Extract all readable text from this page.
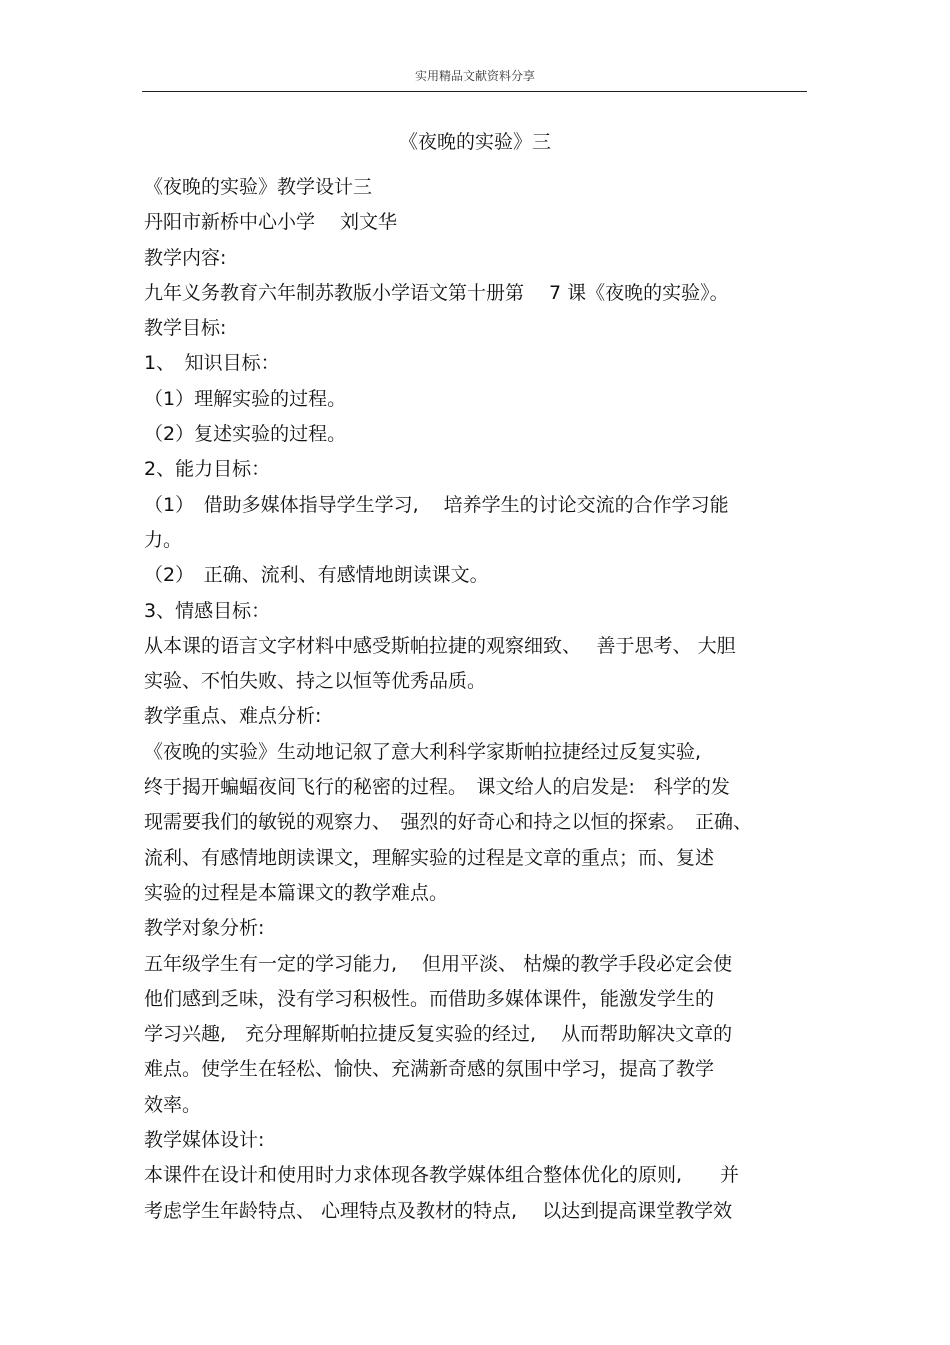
实用精品文献资料分享
《夜晚的实验》三
《夜晚的实验》教学设计三
丹阳市新桥中心小学　 刘文华
教学内容:
九年义务教育六年制苏教版小学语文第十册第　 7 课《夜晚的实验》。
教学目标:
1、　知识目标：
（1）理解实验的过程。
（2）复述实验的过程。
2、能力目标：
（1）　借助多媒体指导学生学习,　 培养学生的讨论交流的合作学习能
力。
（2）　正确、流利、有感情地朗读课文。
3、情感目标：
从本课的语言文字材料中感受斯帕拉捷的观察细致、　 善于思考、 大胆
实验、不怕失败、持之以恒等优秀品质。
教学重点、难点分析:
《夜晚的实验》生动地记叙了意大利科学家斯帕拉捷经过反复实验,
终于揭开蝙蝠夜间飞行的秘密的过程。　课文给人的启发是:　科学的发
现需要我们的敏锐的观察力、　强烈的好奇心和持之以恒的探索。　正确、
流利、有感情地朗读课文，理解实验的过程是文章的重点；而、复述
实验的过程是本篇课文的教学难点。
教学对象分析:
五年级学生有一定的学习能力,　 但用平淡、 枯燥的教学手段必定会使
他们感到乏味，没有学习积极性。而借助多媒体课件，能激发学生的
学习兴趣,　充分理解斯帕拉捷反复实验的经过,　 从而帮助解决文章的
难点。使学生在轻松、愉快、充满新奇感的氛围中学习，提高了教学
效率。
教学媒体设计:
本课件在设计和使用时力求体现各教学媒体组合整体优化的原则,　　并
考虑学生年龄特点、 心理特点及教材的特点,　 以达到提高课堂教学效
